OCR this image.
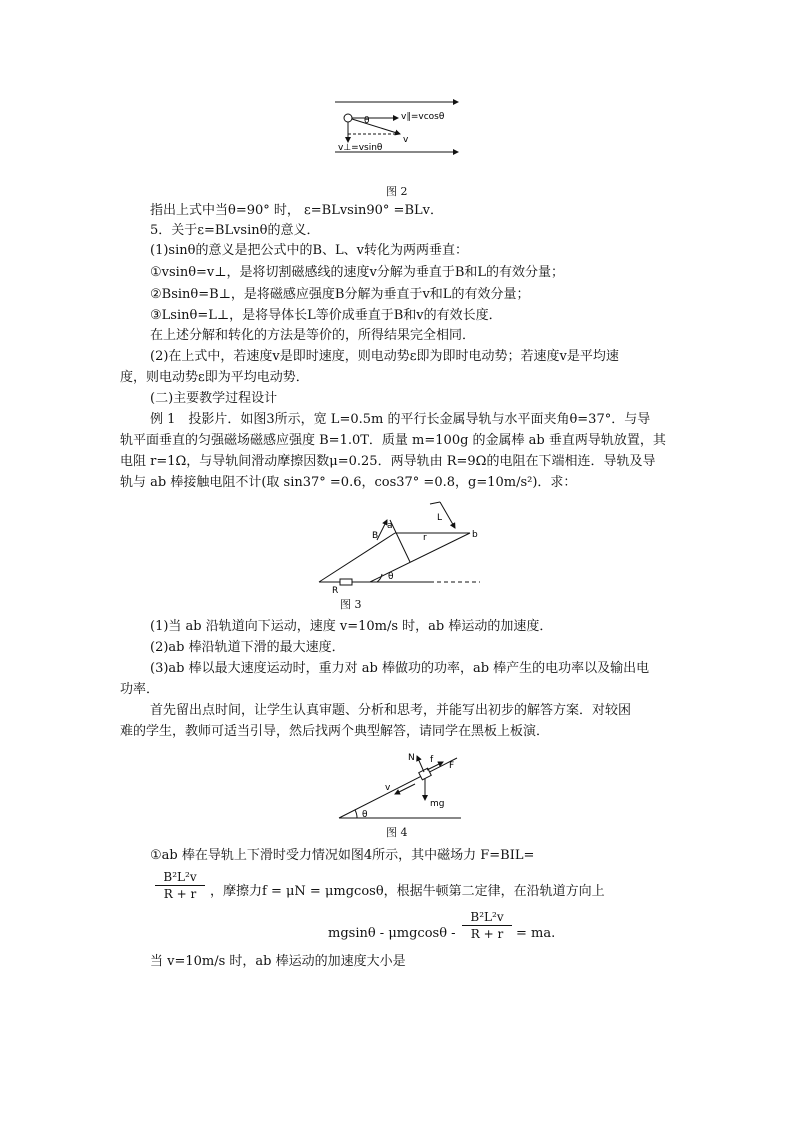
v∥=vcosθ
θ
v⊥=vsinθ
v
图 2
指出上式中当θ=90° 时， ε=BLvsin90° =BLv．
5．关于ε=BLvsinθ的意义．
(1)sinθ的意义是把公式中的B、L、v转化为两两垂直：
①vsinθ=v⊥，是将切割磁感线的速度v分解为垂直于B和L的有效分量；
②Bsinθ=B⊥，是将磁感应强度B分解为垂直于v和L的有效分量；
③Lsinθ=L⊥，是将导体长L等价成垂直于B和v的有效长度．
在上述分解和转化的方法是等价的，所得结果完全相同．
(2)在上式中，若速度v是即时速度，则电动势ε即为即时电动势；若速度v是平均速
度，则电动势ε即为平均电动势．
(二)主要教学过程设计
例 1　投影片．如图3所示，宽 L=0.5m 的平行长金属导轨与水平面夹角θ=37°．与导
轨平面垂直的匀强磁场磁感应强度 B=1.0T．质量 m=100g 的金属棒 ab 垂直两导轨放置，其
电阻 r=1Ω，与导轨间滑动摩擦因数μ=0.25．两导轨由 R=9Ω的电阻在下端相连．导轨及导
轨与 ab 棒接触电阻不计(取 sin37° =0.6，cos37° =0.8，g=10m/s²)．求：
a
B
L
r	b
θ
R
图 3
(1)当 ab 沿轨道向下运动，速度 v=10m/s 时，ab 棒运动的加速度．
(2)ab 棒沿轨道下滑的最大速度．
(3)ab 棒以最大速度运动时，重力对 ab 棒做功的功率，ab 棒产生的电功率以及输出电
功率．
首先留出点时间，让学生认真审题、分析和思考，并能写出初步的解答方案．对较困
难的学生，教师可适当引导，然后找两个典型解答，请同学在黑板上板演．
N f
F
v
mg
θ
图 4
①ab 棒在导轨上下滑时受力情况如图4所示，其中磁场力 F=BIL=
B²L²v
R + r	，摩擦力f = μN = μmgcosθ，根据牛顿第二定律，在沿轨道方向上
mgsinθ - μmgcosθ -
B²L²v
R + r = ma.
当 v=10m/s 时，ab 棒运动的加速度大小是
